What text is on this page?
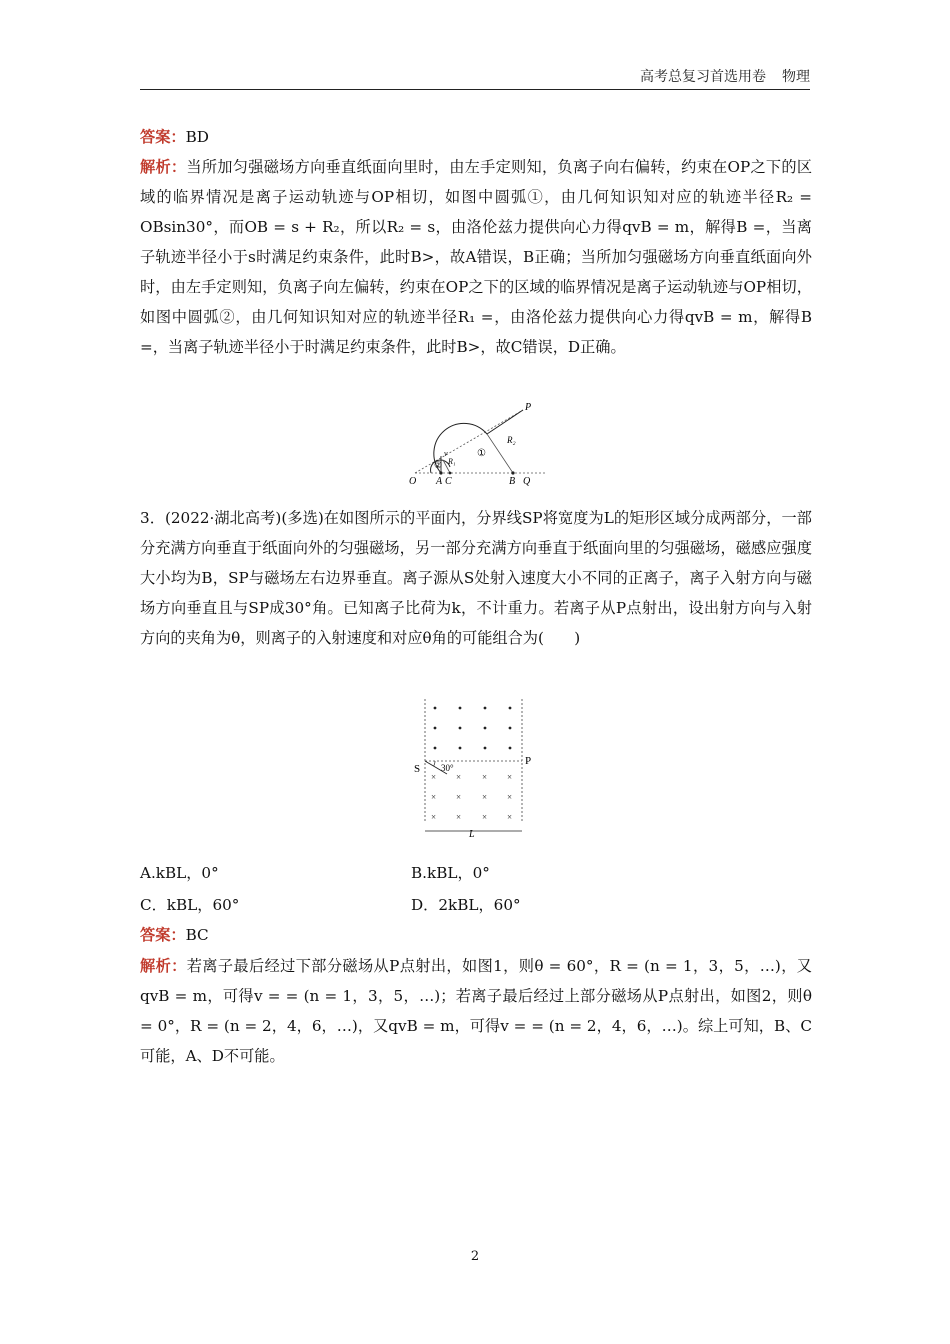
高考总复习首选用卷 物理
答案：BD
解析：当所加匀强磁场方向垂直纸面向里时，由左手定则知，负离子向右偏转，约束在OP之下的区域的临界情况是离子运动轨迹与OP相切，如图中圆弧①，由几何知识知对应的轨迹半径R₂ = OBsin30°，而OB = s + R₂，所以R₂ = s，由洛伦兹力提供向心力得qvB = m，解得B =，当离子轨迹半径小于s时满足约束条件，此时B>，故A错误，B正确；当所加匀强磁场方向垂直纸面向外时，由左手定则知，负离子向左偏转，约束在OP之下的区域的临界情况是离子运动轨迹与OP相切，如图中圆弧②，由几何知识知对应的轨迹半径R₁ =，由洛伦兹力提供向心力得qvB = m，解得B =，当离子轨迹半径小于时满足约束条件，此时B>，故C错误，D正确。
O	C
A	B Q
P
R₂
R₁
①
②
v
3．(2022·湖北高考)(多选)在如图所示的平面内，分界线SP将宽度为L的矩形区域分成两部分，一部分充满方向垂直于纸面向外的匀强磁场，另一部分充满方向垂直于纸面向里的匀强磁场，磁感应强度大小均为B，SP与磁场左右边界垂直。离子源从S处射入速度大小不同的正离子，离子入射方向与磁场方向垂直且与SP成30°角。已知离子比荷为k，不计重力。若离子从P点射出，设出射方向与入射方向的夹角为θ，则离子的入射速度和对应θ角的可能组合为(　　)
× × × ×
× × × ×
× × × ×
S
P
30°
L
A.kBL，0°	B.kBL，0°
C．kBL，60°	D．2kBL，60°
答案：BC
解析：若离子最后经过下部分磁场从P点射出，如图1，则θ = 60°，R = (n = 1，3，5，…)，又qvB = m，可得v = = (n = 1，3，5，…)；若离子最后经过上部分磁场从P点射出，如图2，则θ = 0°，R = (n = 2，4，6，…)，又qvB = m，可得v = = (n = 2，4，6，…)。综上可知，B、C可能，A、D不可能。
2
